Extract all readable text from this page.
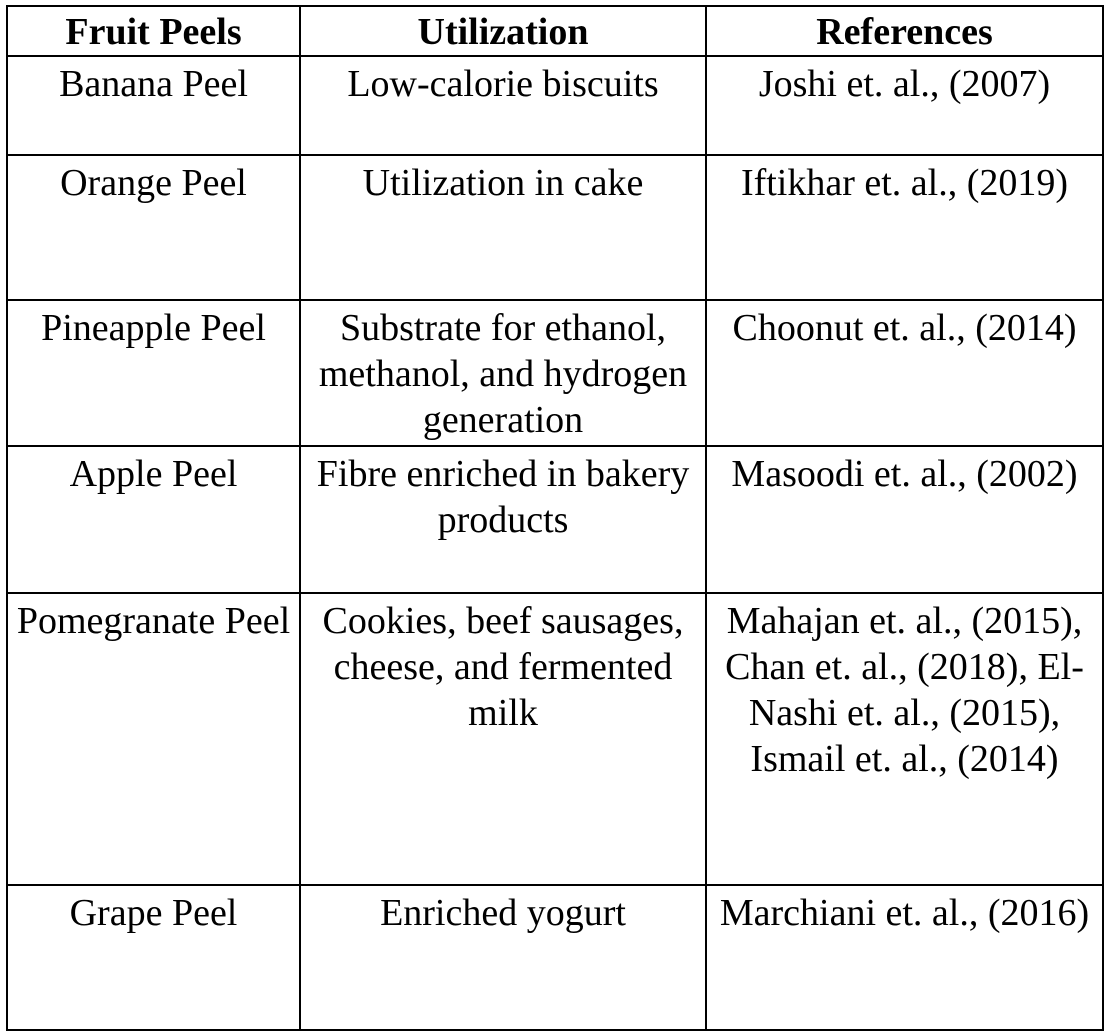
Fruit Peels	Utilization	References
Banana Peel	Low-calorie biscuits	Joshi et. al., (2007)
Orange Peel	Utilization in cake	Iftikhar et. al., (2019)
Pineapple Peel	Substrate for ethanol, methanol, and hydrogen generation	Choonut et. al., (2014)
Apple Peel	Fibre enriched in bakery products	Masoodi et. al., (2002)
Pomegranate Peel	Cookies, beef sausages, cheese, and fermented milk	Mahajan et. al., (2015), Chan et. al., (2018), El-Nashi et. al., (2015), Ismail et. al., (2014)
Grape Peel	Enriched yogurt	Marchiani et. al., (2016)
